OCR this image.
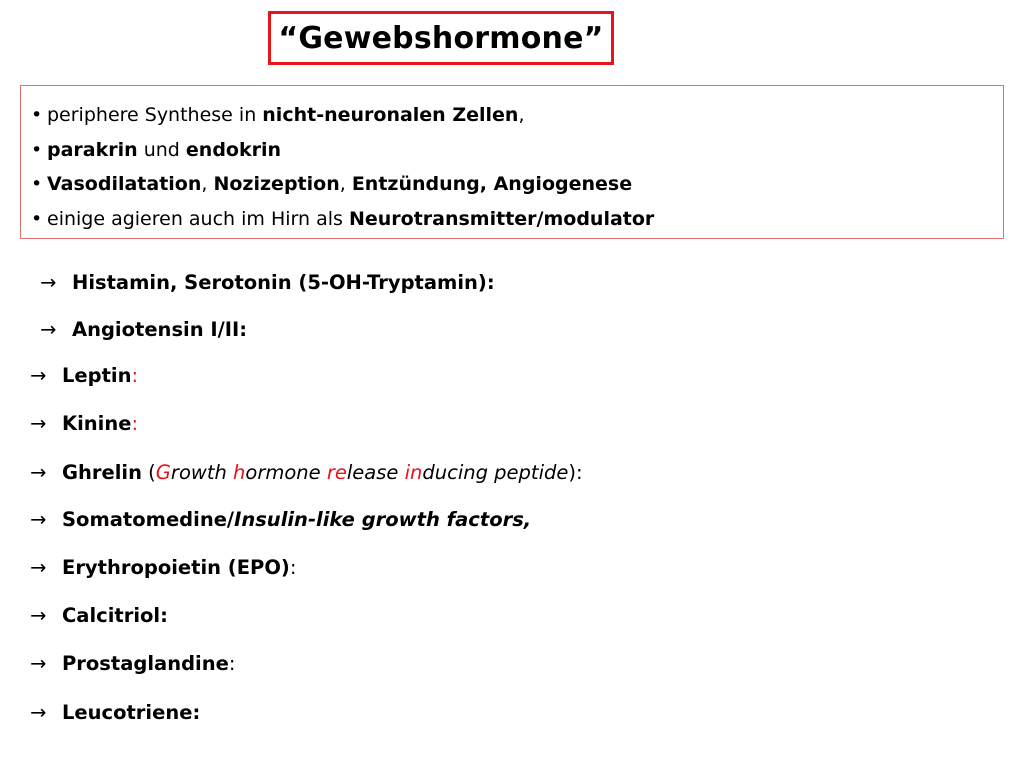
“Gewebshormone”
• periphere Synthese in nicht-neuronalen Zellen,
• parakrin und endokrin
• Vasodilatation, Nozizeption, Entzündung, Angiogenese
• einige agieren auch im Hirn als Neurotransmitter/modulator
→ Histamin, Serotonin (5-OH-Tryptamin):
→ Angiotensin I/II:
→ Leptin:
→ Kinine:
→ Ghrelin (Growth hormone release inducing peptide):
→ Somatomedine/Insulin-like growth factors,
→ Erythropoietin (EPO):
→ Calcitriol:
→ Prostaglandine:
→ Leucotriene:
